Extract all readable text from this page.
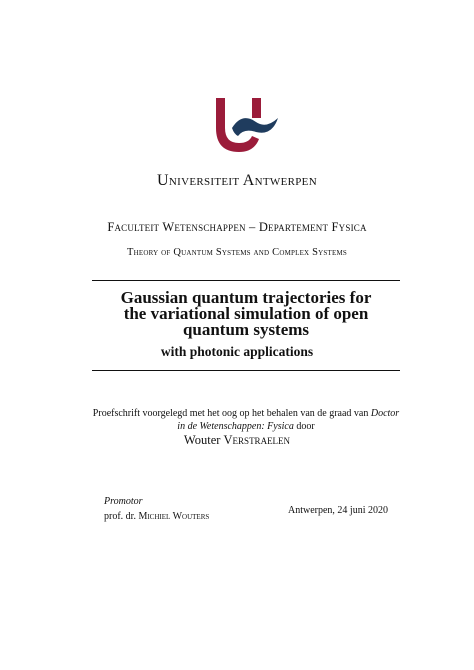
Universiteit Antwerpen
Faculteit Wetenschappen – Departement Fysica
Theory of Quantum Systems and Complex Systems
Gaussian quantum trajectories for
the variational simulation of open
quantum systems
with photonic applications
Proefschrift voorgelegd met het oog op het behalen van de graad van Doctor
in de Wetenschappen: Fysica door
Wouter Verstraelen
Promotor
prof. dr. Michiel Wouters
Antwerpen, 24 juni 2020
